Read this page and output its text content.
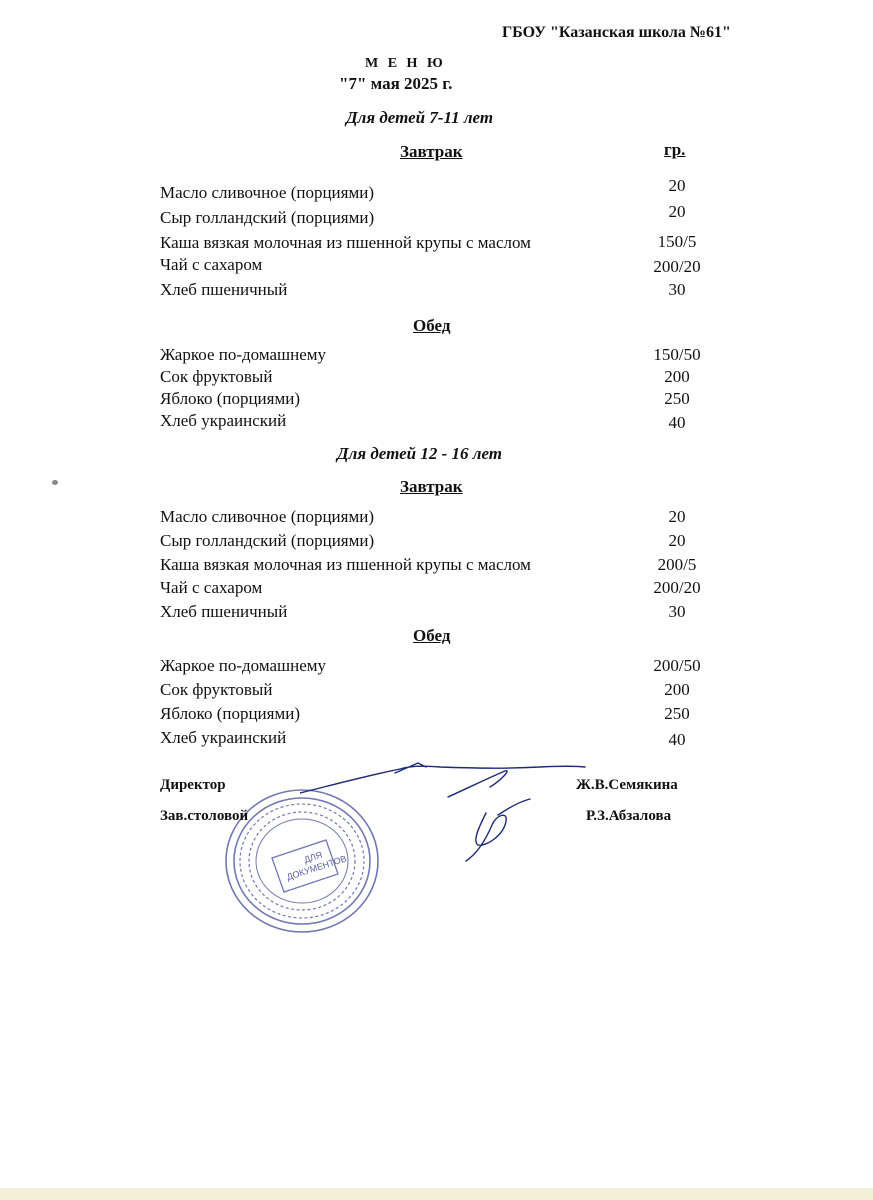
ГБОУ "Казанская школа №61"
М Е Н Ю
"7" мая 2025 г.
Для детей 7-11 лет
Завтрак	гр.
Масло сливочное (порциями)	20
Сыр голландский (порциями)	20
Каша вязкая молочная из пшенной крупы с маслом	150/5
Чай с сахаром	200/20
Хлеб пшеничный	30
Обед
Жаркое по-домашнему	150/50
Сок фруктовый	200
Яблоко (порциями)	250
Хлеб украинский	40
Для детей 12 - 16 лет
Завтрак
Масло сливочное (порциями)	20
Сыр голландский (порциями)	20
Каша вязкая молочная из пшенной крупы с маслом	200/5
Чай с сахаром	200/20
Хлеб пшеничный	30
Обед
Жаркое по-домашнему	200/50
Сок фруктовый	200
Яблоко (порциями)	250
Хлеб украинский	40
ДЛЯ ДОКУМЕНТОВ
Директор	Ж.В.Семякина
Зав.столовой	Р.З.Абзалова
